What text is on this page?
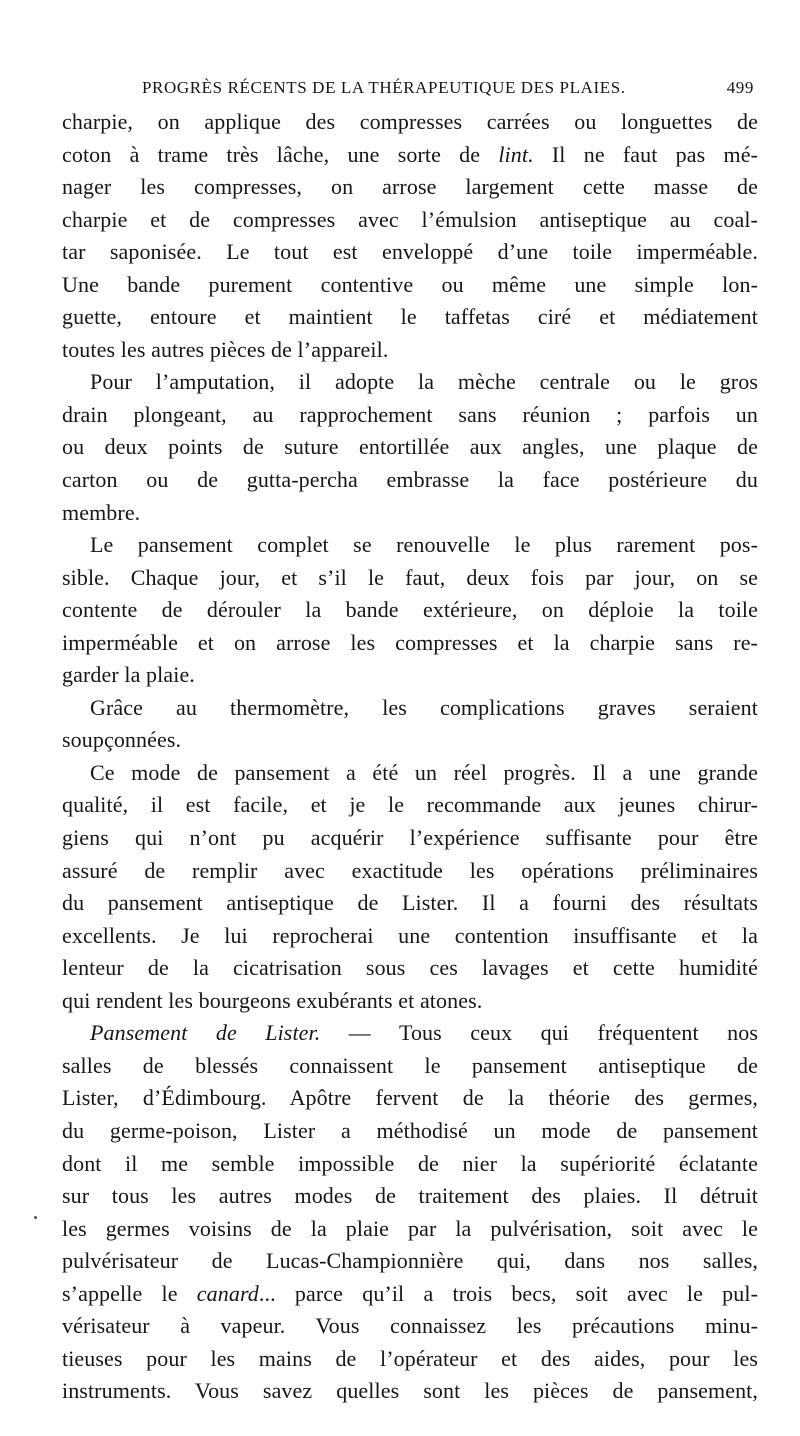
PROGRÈS RÉCENTS DE LA THÉRAPEUTIQUE DES PLAIES.	499
charpie, on applique des compresses carrées ou longuettes de
coton à trame très lâche, une sorte de lint. Il ne faut pas mé-
nager les compresses, on arrose largement cette masse de
charpie et de compresses avec l’émulsion antiseptique au coal-
tar saponisée. Le tout est enveloppé d’une toile imperméable.
Une bande purement contentive ou même une simple lon-
guette, entoure et maintient le taffetas ciré et médiatement
toutes les autres pièces de l’appareil.
Pour l’amputation, il adopte la mèche centrale ou le gros
drain plongeant, au rapprochement sans réunion ; parfois un
ou deux points de suture entortillée aux angles, une plaque de
carton ou de gutta-percha embrasse la face postérieure du
membre.
Le pansement complet se renouvelle le plus rarement pos-
sible. Chaque jour, et s’il le faut, deux fois par jour, on se
contente de dérouler la bande extérieure, on déploie la toile
imperméable et on arrose les compresses et la charpie sans re-
garder la plaie.
Grâce au thermomètre, les complications graves seraient
soupçonnées.
Ce mode de pansement a été un réel progrès. Il a une grande
qualité, il est facile, et je le recommande aux jeunes chirur-
giens qui n’ont pu acquérir l’expérience suffisante pour être
assuré de remplir avec exactitude les opérations préliminaires
du pansement antiseptique de Lister. Il a fourni des résultats
excellents. Je lui reprocherai une contention insuffisante et la
lenteur de la cicatrisation sous ces lavages et cette humidité
qui rendent les bourgeons exubérants et atones.
Pansement de Lister. — Tous ceux qui fréquentent nos
salles de blessés connaissent le pansement antiseptique de
Lister, d’Édimbourg. Apôtre fervent de la théorie des germes,
du germe-poison, Lister a méthodisé un mode de pansement
dont il me semble impossible de nier la supériorité éclatante
sur tous les autres modes de traitement des plaies. Il détruit
les germes voisins de la plaie par la pulvérisation, soit avec le
pulvérisateur de Lucas-Championnière qui, dans nos salles,
s’appelle le canard... parce qu’il a trois becs, soit avec le pul-
vérisateur à vapeur. Vous connaissez les précautions minu-
tieuses pour les mains de l’opérateur et des aides, pour les
instruments. Vous savez quelles sont les pièces de pansement,
